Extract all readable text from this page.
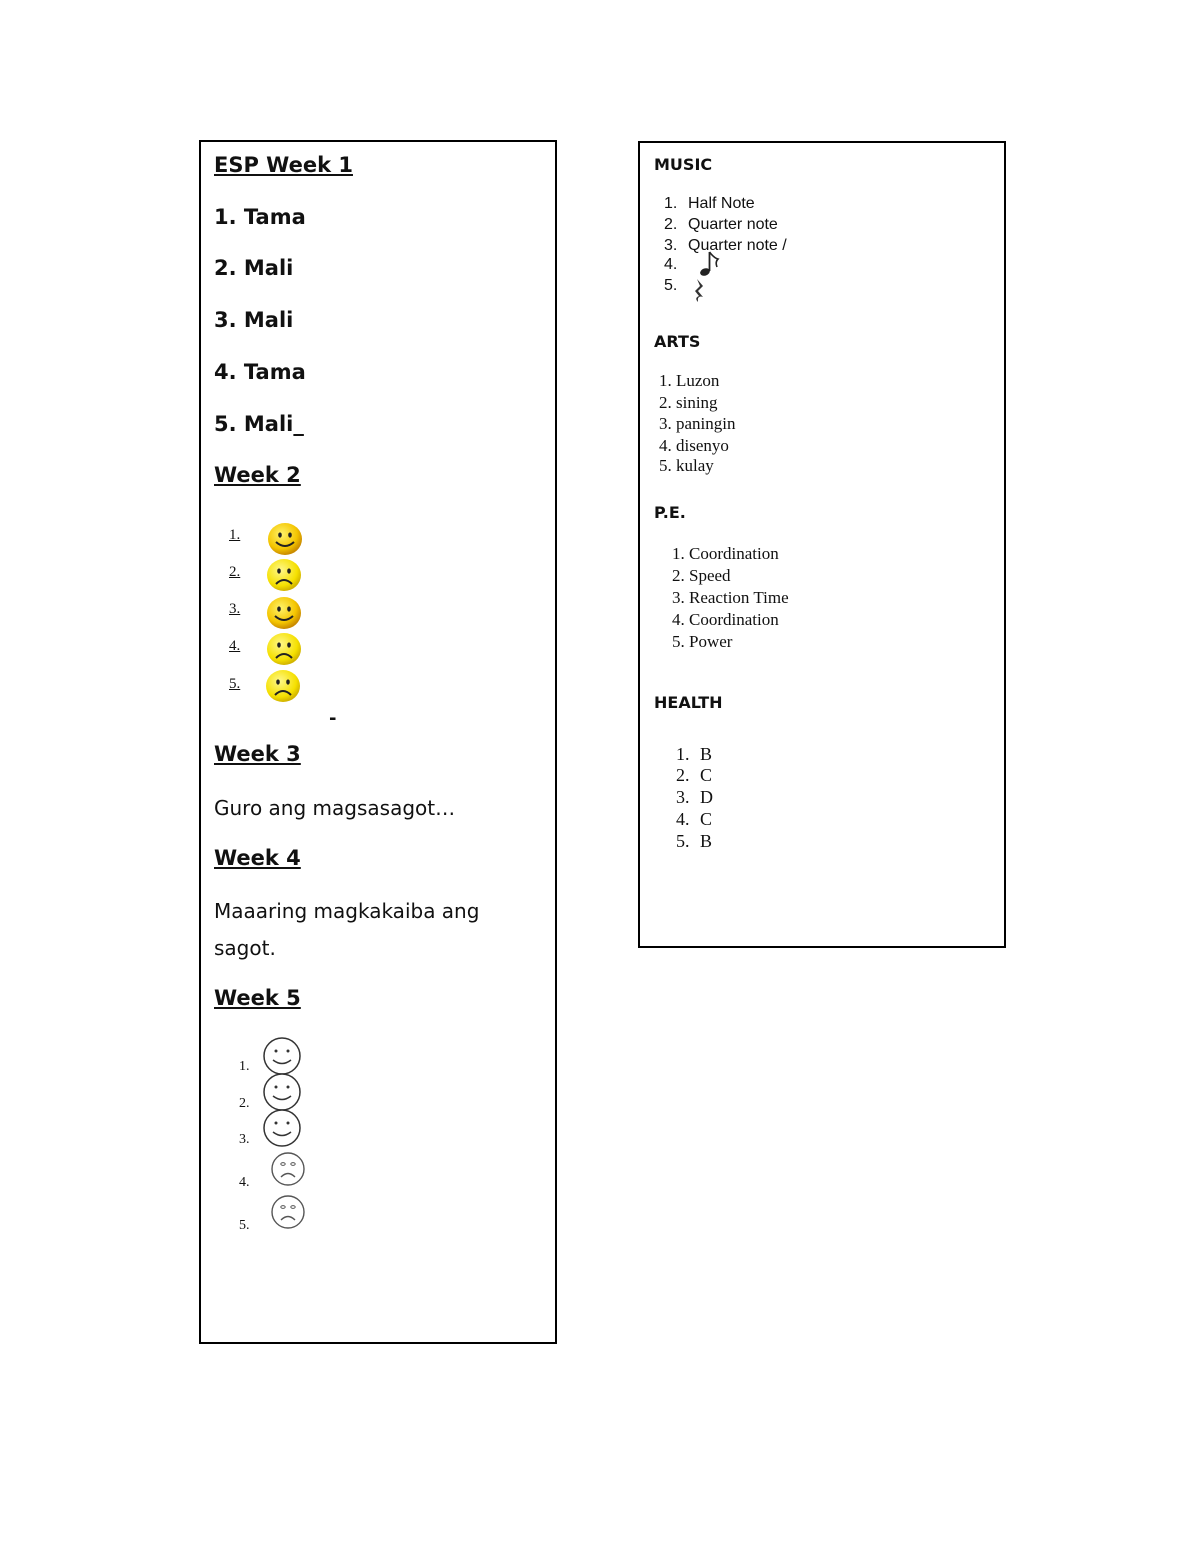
ESP Week 1
1. Tama
2. Mali
3. Mali
4. Tama
5. Mali_
Week 2
1.
2.
3.
4.
5.
-
Week 3
Guro ang magsasagot…
Week 4
Maaaring magkakaiba ang
sagot.
Week 5
1.
2.
3.
4.
5.
MUSIC
1. Half Note
2. Quarter note
3. Quarter note /
4.
5.
ARTS
1. Luzon
2. sining
3. paningin
4. disenyo
5. kulay
P.E.
1. Coordination
2. Speed
3. Reaction Time
4. Coordination
5. Power
HEALTH
1. B
2. C
3. D
4. C
5. B
